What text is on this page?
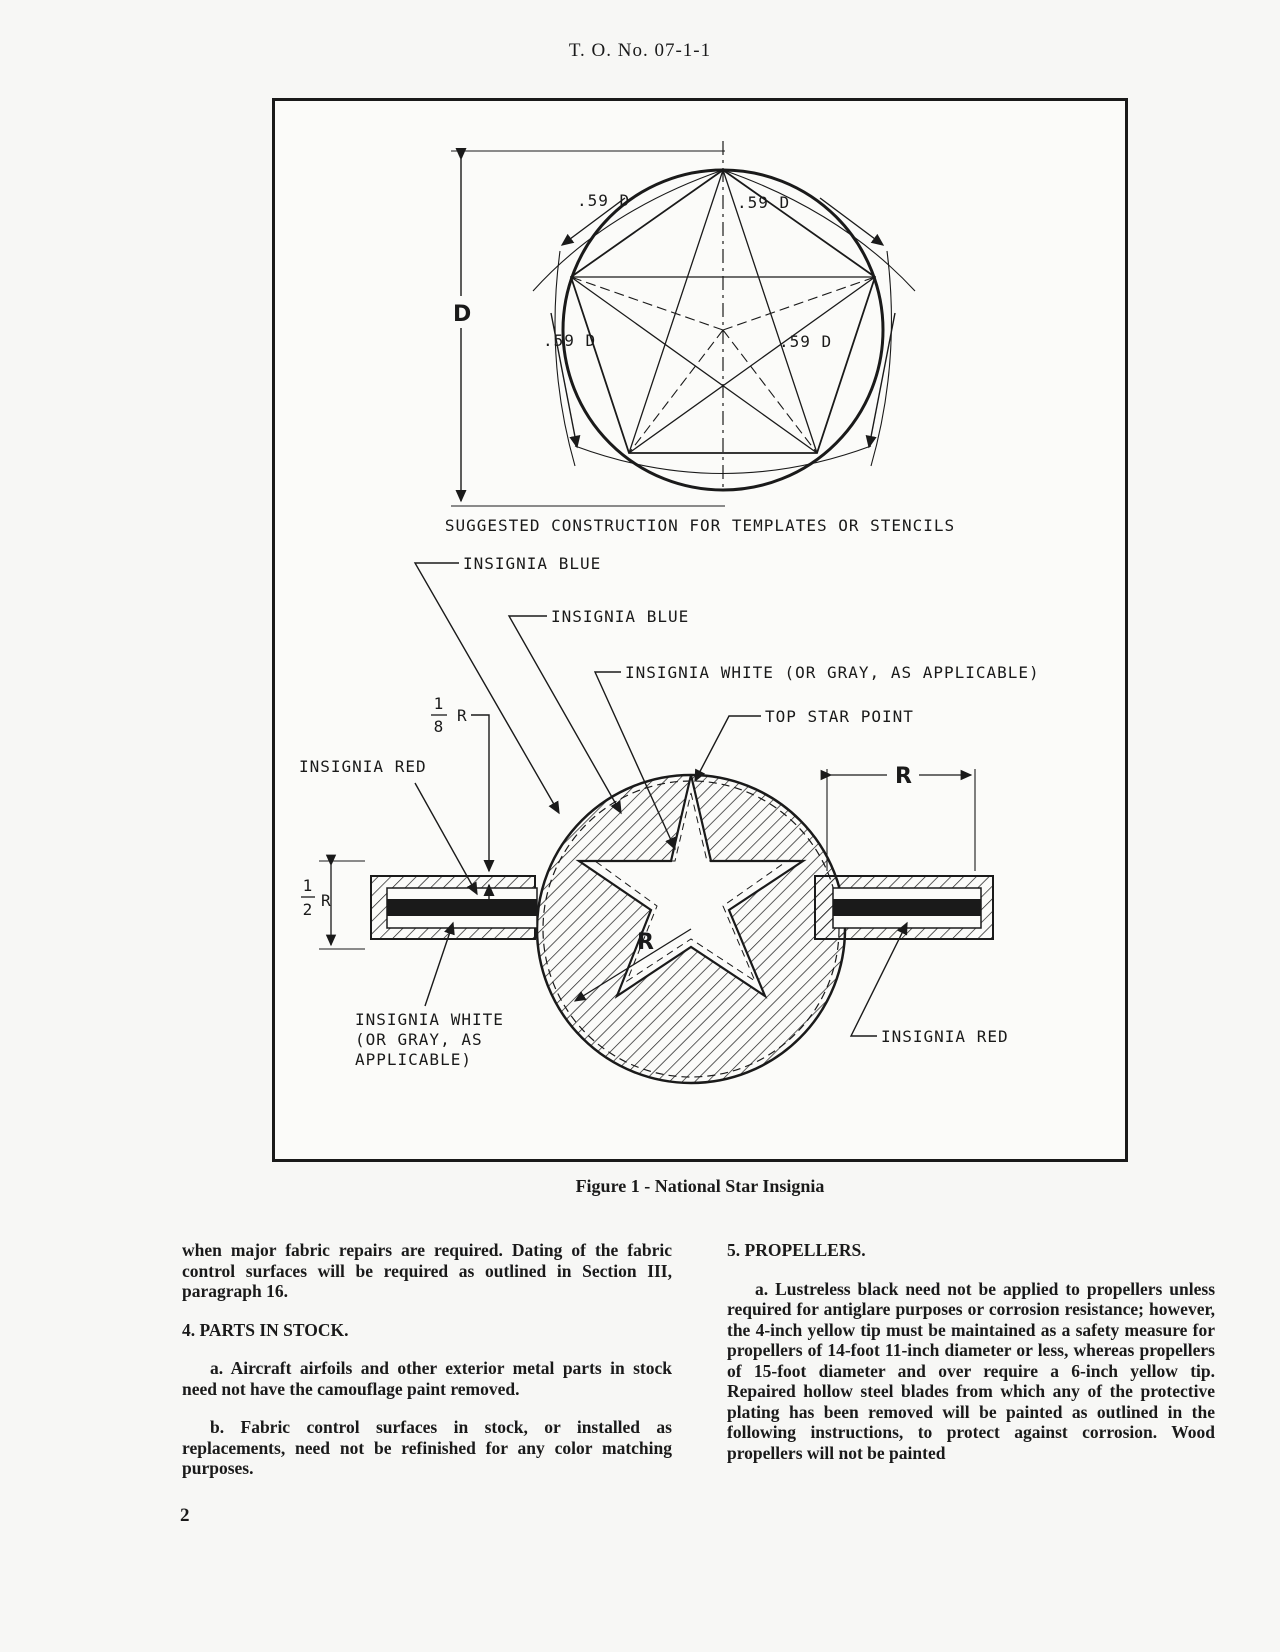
T. O. No. 07-1-1
D
.59 D	.59 D
.59 D	.59 D
SUGGESTED CONSTRUCTION FOR TEMPLATES OR STENCILS
R
INSIGNIA BLUE
INSIGNIA BLUE
INSIGNIA WHITE (OR GRAY, AS APPLICABLE)
TOP STAR POINT
1
8
R
INSIGNIA RED
1
2 R
R
INSIGNIA WHITE
(OR GRAY, AS
APPLICABLE)
INSIGNIA RED
Figure 1 - National Star Insignia

when major fabric repairs are required. Dating of the fabric control surfaces will be required as outlined in Section III, paragraph 16.

4. PARTS IN STOCK.

a. Aircraft airfoils and other exterior metal parts in stock need not have the camouflage paint removed.

b. Fabric control surfaces in stock, or installed as replacements, need not be refinished for any color matching purposes.

5. PROPELLERS.

a. Lustreless black need not be applied to propellers unless required for antiglare purposes or corrosion resistance; however, the 4-inch yellow tip must be maintained as a safety measure for propellers of 14-foot 11-inch diameter or less, whereas propellers of 15-foot diameter and over require a 6-inch yellow tip. Repaired hollow steel blades from which any of the protective plating has been removed will be painted as outlined in the following instructions, to protect against corrosion. Wood propellers will not be painted

2
